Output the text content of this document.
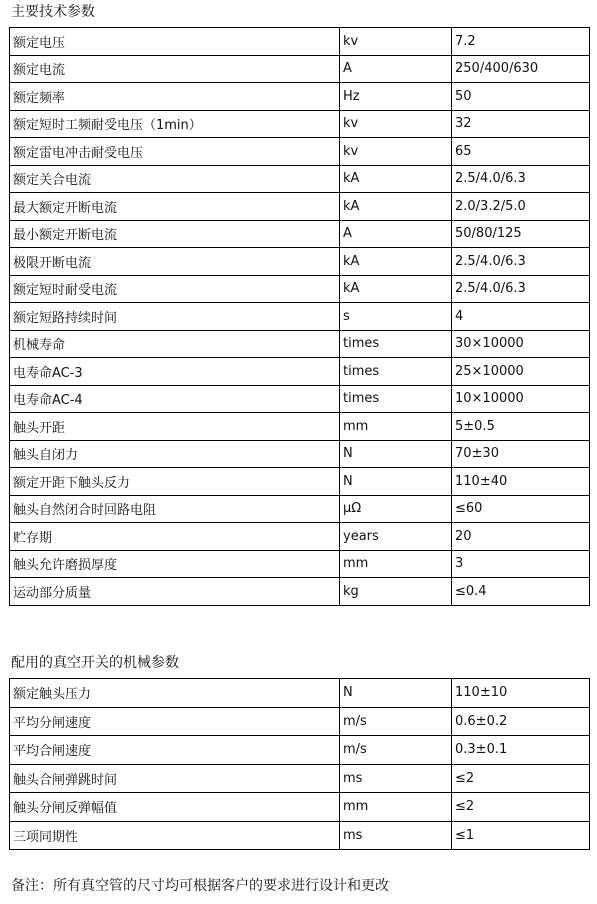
主要技术参数
额定电压	kv	7.2
额定电流	A	250/400/630
额定频率	Hz	50
额定短时工频耐受电压（1min）	kv	32
额定雷电冲击耐受电压	kv	65
额定关合电流	kA	2.5/4.0/6.3
最大额定开断电流	kA	2.0/3.2/5.0
最小额定开断电流	A	50/80/125
极限开断电流	kA	2.5/4.0/6.3
额定短时耐受电流	kA	2.5/4.0/6.3
额定短路持续时间	s	4
机械寿命	times	30×10000
电寿命AC-3	times	25×10000
电寿命AC-4	times	10×10000
触头开距	mm	5±0.5
触头自闭力	N	70±30
额定开距下触头反力	N	110±40
触头自然闭合时回路电阻	μΩ	≤60
贮存期	years	20
触头允许磨损厚度	mm	3
运动部分质量	kg	≤0.4
配用的真空开关的机械参数
额定触头压力	N	110±10
平均分闸速度	m/s	0.6±0.2
平均合闸速度	m/s	0.3±0.1
触头合闸弹跳时间	ms	≤2
触头分闸反弹幅值	mm	≤2
三项同期性	ms	≤1
备注：所有真空管的尺寸均可根据客户的要求进行设计和更改
